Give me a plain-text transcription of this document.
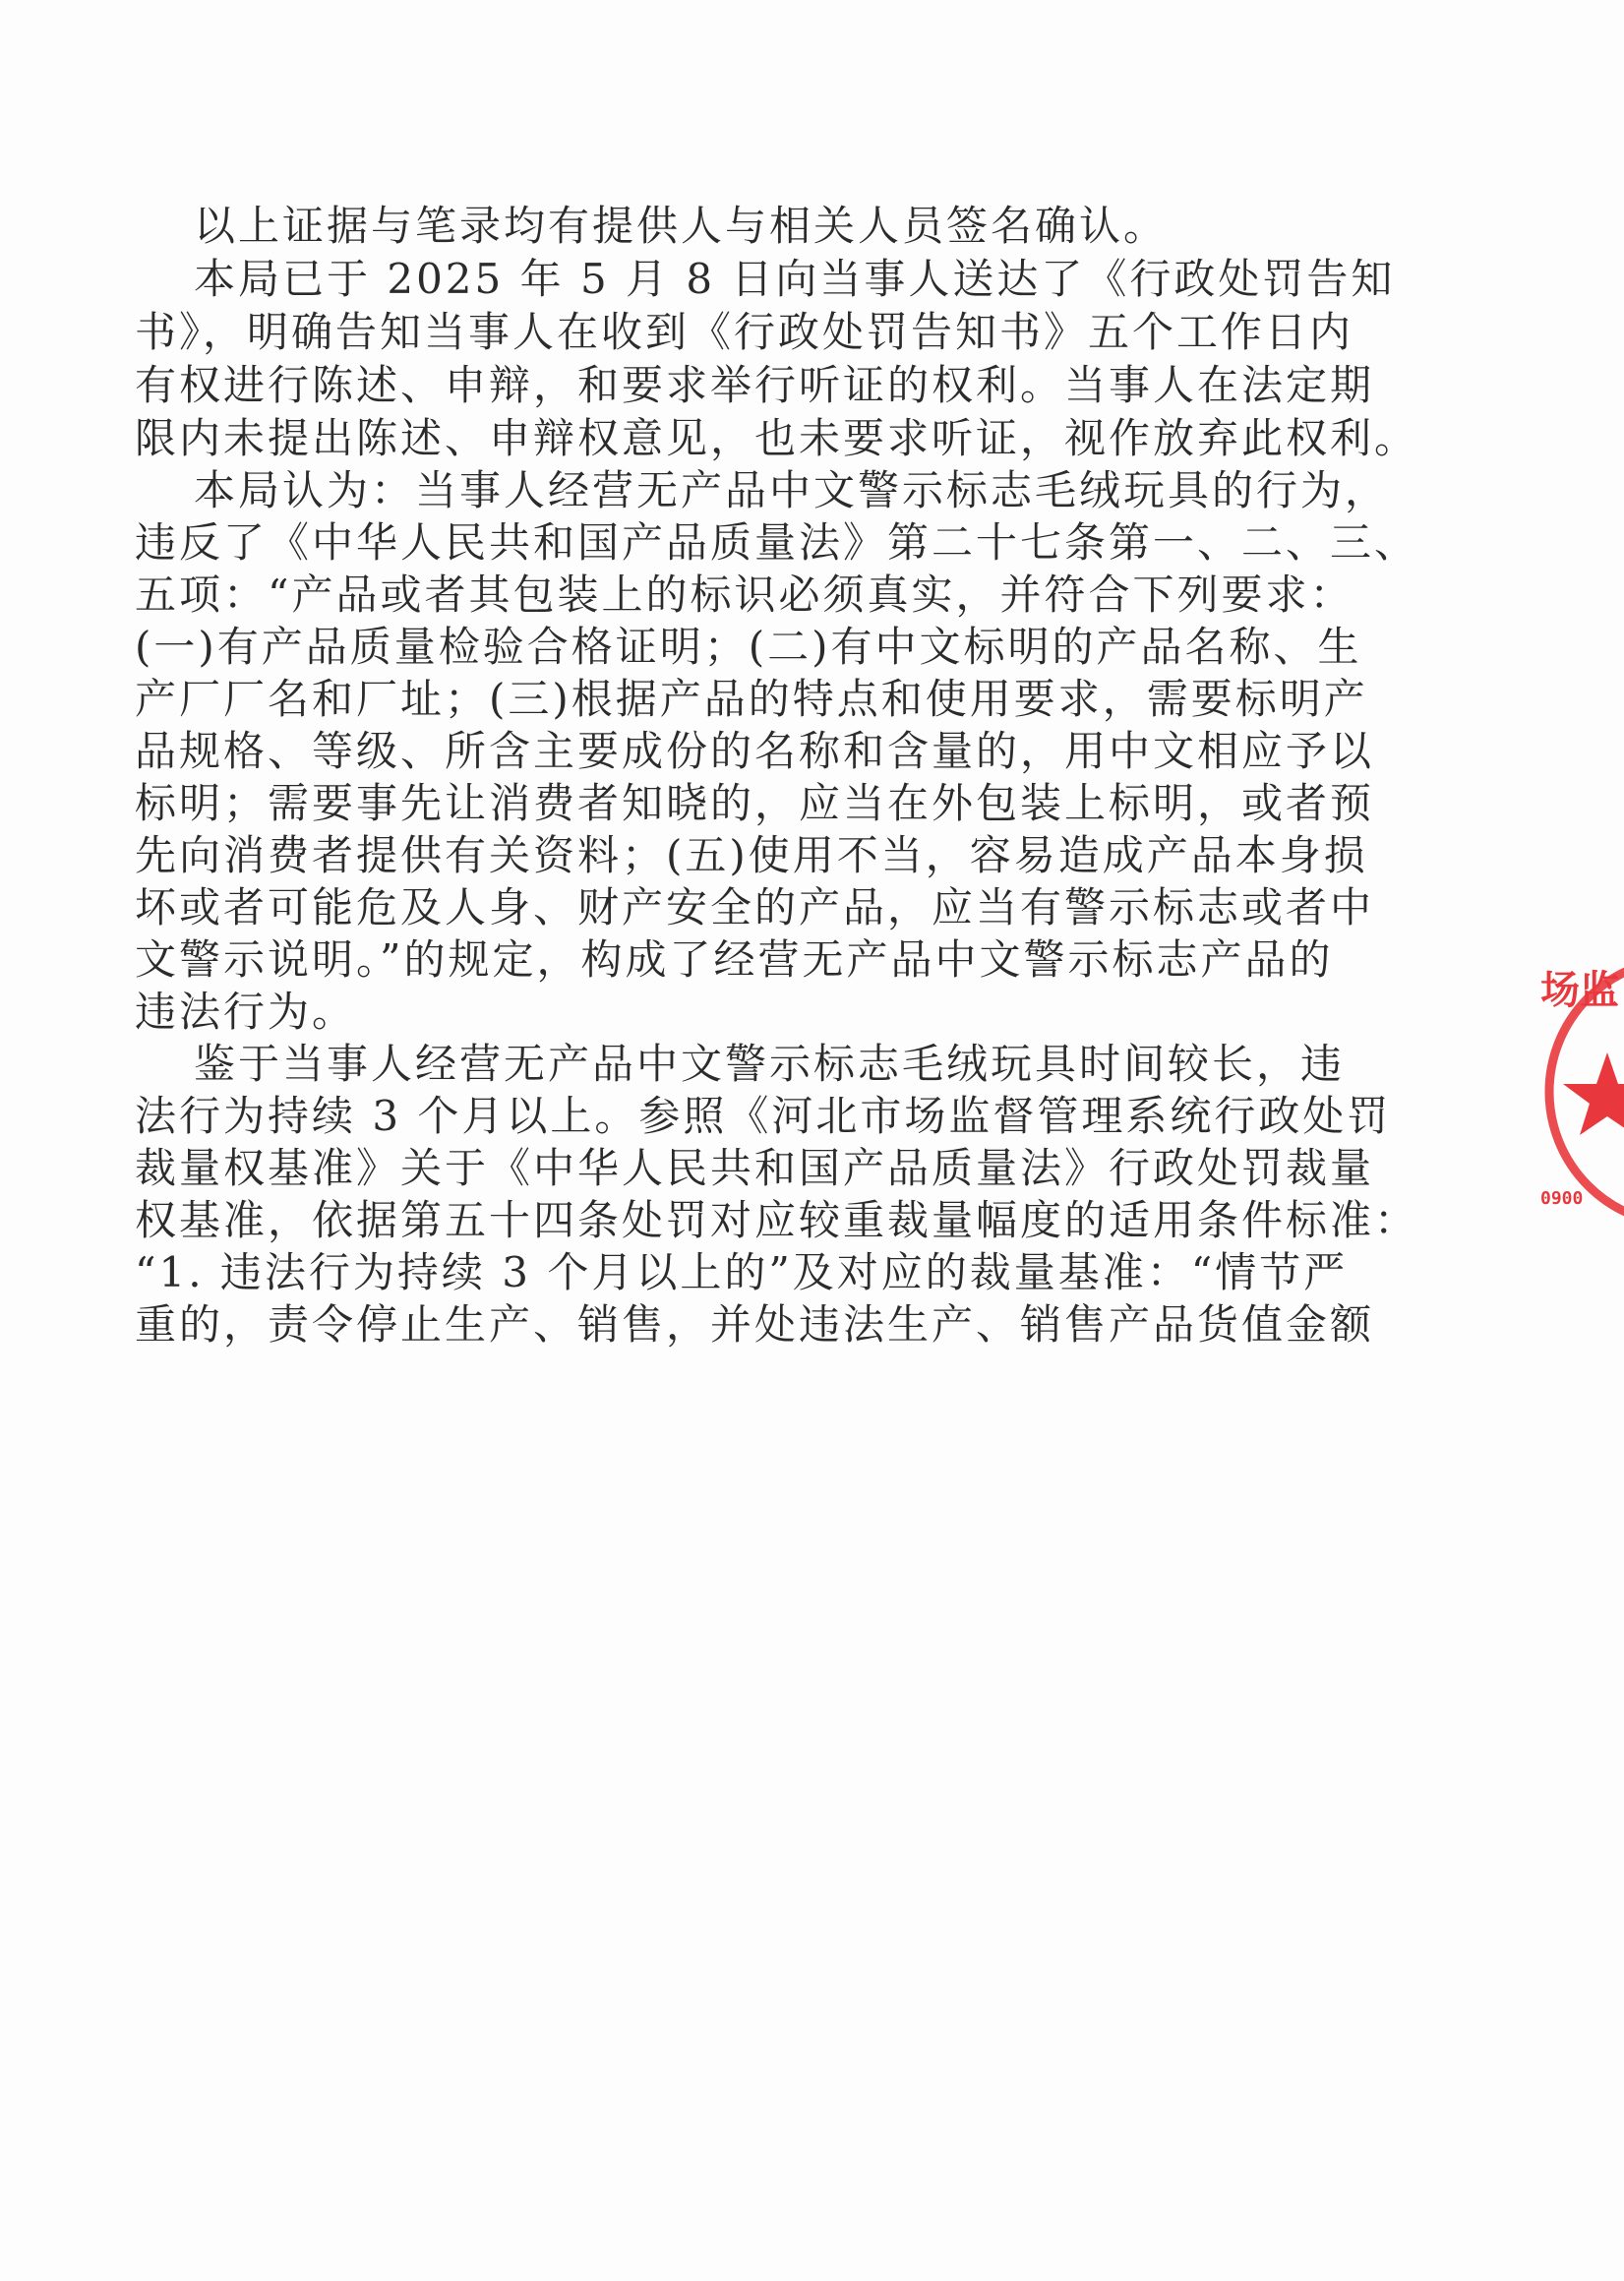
以上证据与笔录均有提供人与相关人员签名确认。
本局已于 2025 年 5 月 8 日向当事人送达了《行政处罚告知
书》，明确告知当事人在收到《行政处罚告知书》五个工作日内
有权进行陈述、申辩，和要求举行听证的权利。当事人在法定期
限内未提出陈述、申辩权意见，也未要求听证，视作放弃此权利。
本局认为：当事人经营无产品中文警示标志毛绒玩具的行为，
违反了《中华人民共和国产品质量法》第二十七条第一、二、三、
五项：“产品或者其包装上的标识必须真实，并符合下列要求：
(一)有产品质量检验合格证明；(二)有中文标明的产品名称、生
产厂厂名和厂址；(三)根据产品的特点和使用要求，需要标明产
品规格、等级、所含主要成份的名称和含量的，用中文相应予以
标明；需要事先让消费者知晓的，应当在外包装上标明，或者预
先向消费者提供有关资料；(五)使用不当，容易造成产品本身损
坏或者可能危及人身、财产安全的产品，应当有警示标志或者中
文警示说明。”的规定，构成了经营无产品中文警示标志产品的
违法行为。
鉴于当事人经营无产品中文警示标志毛绒玩具时间较长，违
法行为持续 3 个月以上。参照《河北市场监督管理系统行政处罚
裁量权基准》关于《中华人民共和国产品质量法》行政处罚裁量
权基准，依据第五十四条处罚对应较重裁量幅度的适用条件标准：
“1. 违法行为持续 3 个月以上的”及对应的裁量基准：“情节严
重的，责令停止生产、销售，并处违法生产、销售产品货值金额
场监
0900
